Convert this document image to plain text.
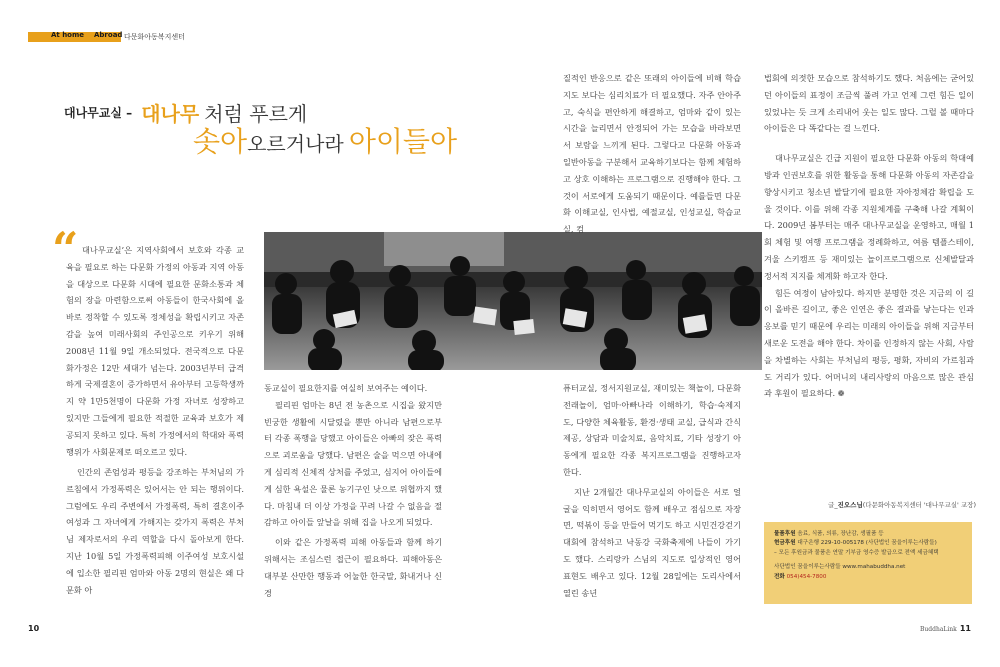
At home Abroad 다문화아동복지센터
대나무교실 – 대나무 처럼 푸르게
솟아오르거나라 아이들아
“ 대나무교실’은 지역사회에서 보호와 각종 교육을 필요로 하는 다문화 가정의 아동과 지역 아동을 대상으로 다문화 시대에 필요한 문화소통과 체험의 장을 마련함으로써 아동들이 한국사회에 올바로 정착할 수 있도록 정체성을 확립시키고 자존감을 높여 미래사회의 주인공으로 키우기 위해 2008년 11월 9일 개소되었다. 전국적으로 다문화가정은 12만 세대가 넘는다. 2003년부터 급격하게 국제결혼이 증가하면서 유아부터 고등학생까지 약 1만5천명이 다문화 가정 자녀로 성장하고 있지만 그들에게 필요한 적절한 교육과 보호가 제공되지 못하고 있다. 특히 가정에서의 학대와 폭력행위가 사회문제로 떠오르고 있다.

인간의 존엄성과 평등을 강조하는 부처님의 가르침에서 가정폭력은 있어서는 안 되는 행위이다. 그럼에도 우리 주변에서 가정폭력, 특히 결혼이주여성과 그 자녀에게 가해지는 갖가지 폭력은 부처님 제자로서의 우리 역할을 다시 돌아보게 한다. 지난 10월 5일 가정폭력피해 이주여성 보호시설에 입소한 필리핀 엄마와 아동 2명의 현실은 왜 다문화 아

동교실이 필요한지를 여실히 보여주는 예이다.

필리핀 엄마는 8년 전 농촌으로 시집을 왔지만 빈궁한 생활에 시달렸을 뿐만 아니라 남편으로부터 각종 폭행을 당했고 아이들은 아빠의 잦은 폭력으로 괴로움을 당했다. 남편은 술을 먹으면 아내에게 심리적 신체적 상처를 주었고, 심지어 아이들에게 심한 욕설은 물론 농기구인 낫으로 위협까지 했다. 마침내 더 이상 가정을 꾸려 나갈 수 없음을 절감하고 아이들 앞날을 위해 집을 나오게 되었다.

이와 같은 가정폭력 피해 아동들과 함께 하기 위해서는 조심스런 접근이 필요하다. 피해아동은 대부분 산만한 행동과 어눌한 한국말, 화내거나 신경

질적인 반응으로 같은 또래의 아이들에 비해 학습지도 보다는 심리치료가 더 필요했다. 자주 안아주고, 숙식을 편안하게 해결하고, 엄마와 같이 있는 시간을 늘리면서 안정되어 가는 모습을 바라보면서 보람을 느끼게 된다. 그렇다고 다문화 아동과 일반아동을 구분해서 교육하기보다는 함께 체험하고 상호 이해하는 프로그램으로 진행해야 한다. 그것이 서로에게 도움되기 때문이다. 예를들면 다문화 이해교실, 인사법, 예절교실, 인성교실, 학습교실, 컴

퓨터교실, 정서지원교실, 재미있는 책놀이, 다문화 전래놀이, 엄마·아빠나라 이해하기, 학습·숙제지도, 다양한 체육활동, 환경·생태 교실, 급식과 간식제공, 상담과 미술치료, 음악치료, 기타 성장기 아동에게 필요한 각종 복지프로그램을 진행하고자 한다.

지난 2개월간 대나무교실의 아이들은 서로 얼굴을 익히면서 영어도 함께 배우고 점심으로 자장면, 떡볶이 등을 만들어 먹기도 하고 시민건강걷기대회에 참석하고 낙동강 국화축제에 나들이 가기도 했다. 스리랑카 스님의 지도로 일상적인 영어 표현도 배우고 있다. 12월 28일에는 도리사에서 열린 송년

법회에 의젓한 모습으로 참석하기도 했다. 처음에는 굳어있던 아이들의 표정이 조금씩 풀려 가고 언제 그런 힘든 일이 있었냐는 듯 크게 소리내어 웃는 일도 많다. 그럴 볼 때마다 아이들은 다 똑같다는 걸 느낀다.

대나무교실은 긴급 지원이 필요한 다문화 아동의 학대예방과 인권보호를 위한 활동을 통해 다문화 아동의 자존감을 향상시키고 청소년 발달기에 필요한 자아정체감 확립을 도울 것이다. 이를 위해 각종 지원체계를 구축해 나갈 계획이다. 2009년 봄부터는 매주 대나무교실을 운영하고, 매월 1회 체험 및 여행 프로그램을 정례화하고, 여름 템플스테이, 겨울 스키캠프 등 재미있는 놀이프로그램으로 신체발달과 정서적 지지를 체계화 하고자 한다.

힘든 여정이 남아있다. 하지만 분명한 것은 지금의 이 길이 올바른 길이고, 좋은 인연은 좋은 결과를 낳는다는 인과응보를 믿기 때문에 우리는 미래의 아이들을 위해 지금부터 새로운 도전을 해야 한다. 차이를 인정하지 않는 사회, 사람을 차별하는 사회는 부처님의 평등, 평화, 자비의 가르침과도 거리가 있다. 어머니의 내리사랑의 마음으로 많은 관심과 후원이 필요하다. ❁

글_진오스님(다문화아동복지센터 '대나무교실' 교장)
물품후원 음료, 식품, 의류, 장난감, 생필품 등
현금후원 대구은행 229-10-005178 (사단법인 꿈을이루는사람들)
– 모든 후원금과 물품은 연말 기부금 영수증 발급으로 전액 세금혜택
사단법인 꿈을이루는사람들 www.mahabuddha.net
전화 054)454-7800
10	BuddhaLink 11
